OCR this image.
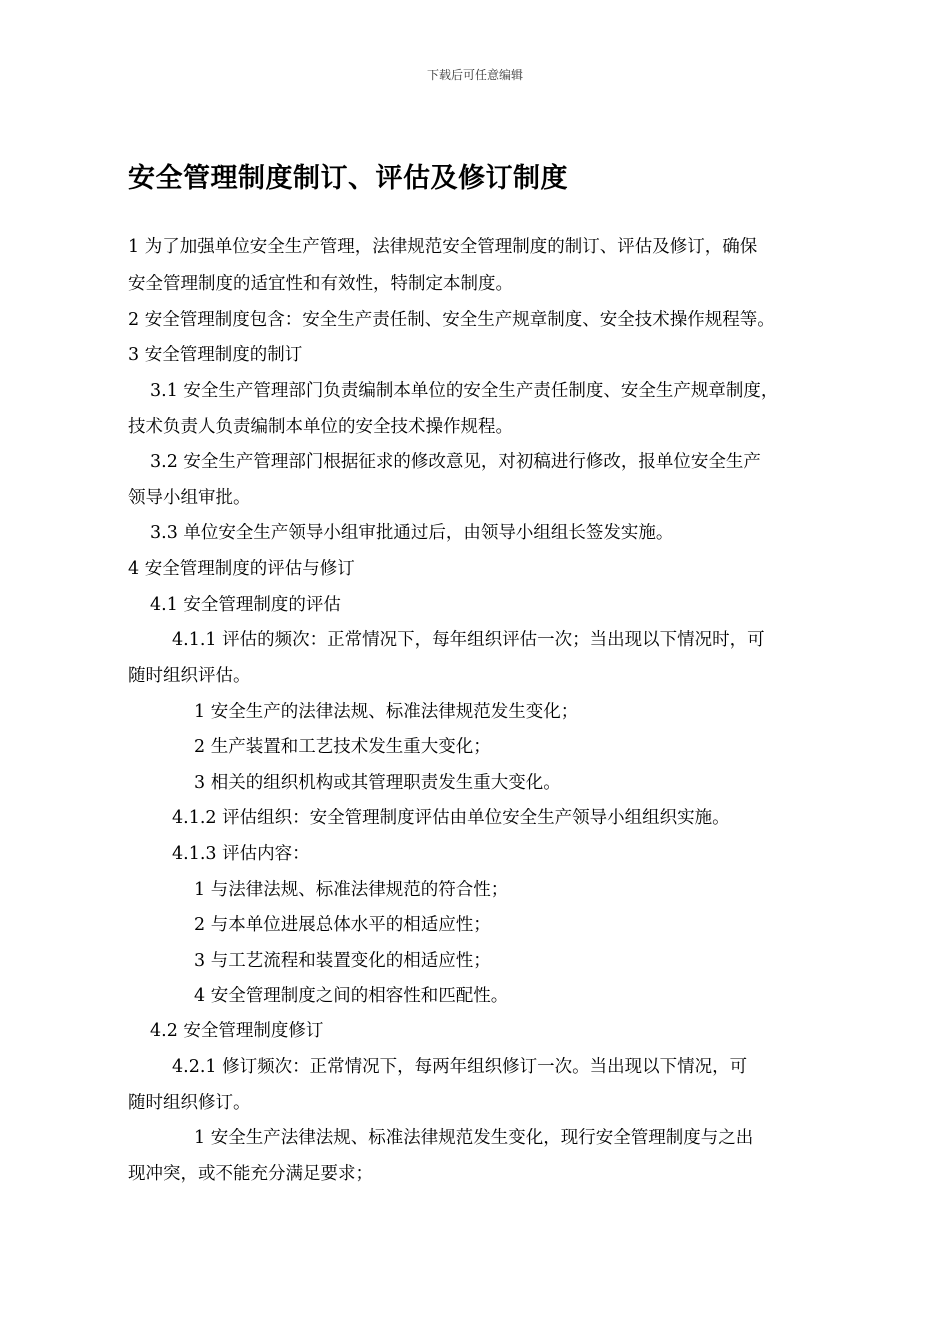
下载后可任意编辑
安全管理制度制订、评估及修订制度

1 为了加强单位安全生产管理，法律规范安全管理制度的制订、评估及修订，确保

安全管理制度的适宜性和有效性，特制定本制度。

2 安全管理制度包含：安全生产责任制、安全生产规章制度、安全技术操作规程等。

3 安全管理制度的制订

3.1 安全生产管理部门负责编制本单位的安全生产责任制度、安全生产规章制度，

技术负责人负责编制本单位的安全技术操作规程。

3.2 安全生产管理部门根据征求的修改意见，对初稿进行修改，报单位安全生产

领导小组审批。

3.3 单位安全生产领导小组审批通过后，由领导小组组长签发实施。

4 安全管理制度的评估与修订

4.1 安全管理制度的评估

4.1.1 评估的频次：正常情况下，每年组织评估一次；当出现以下情况时，可

随时组织评估。

1 安全生产的法律法规、标准法律规范发生变化；

2 生产装置和工艺技术发生重大变化；

3 相关的组织机构或其管理职责发生重大变化。

4.1.2 评估组织：安全管理制度评估由单位安全生产领导小组组织实施。

4.1.3 评估内容：

1 与法律法规、标准法律规范的符合性；

2 与本单位进展总体水平的相适应性；

3 与工艺流程和装置变化的相适应性；

4 安全管理制度之间的相容性和匹配性。

4.2 安全管理制度修订

4.2.1 修订频次：正常情况下，每两年组织修订一次。当出现以下情况，可

随时组织修订。

1 安全生产法律法规、标准法律规范发生变化，现行安全管理制度与之出

现冲突，或不能充分满足要求；
